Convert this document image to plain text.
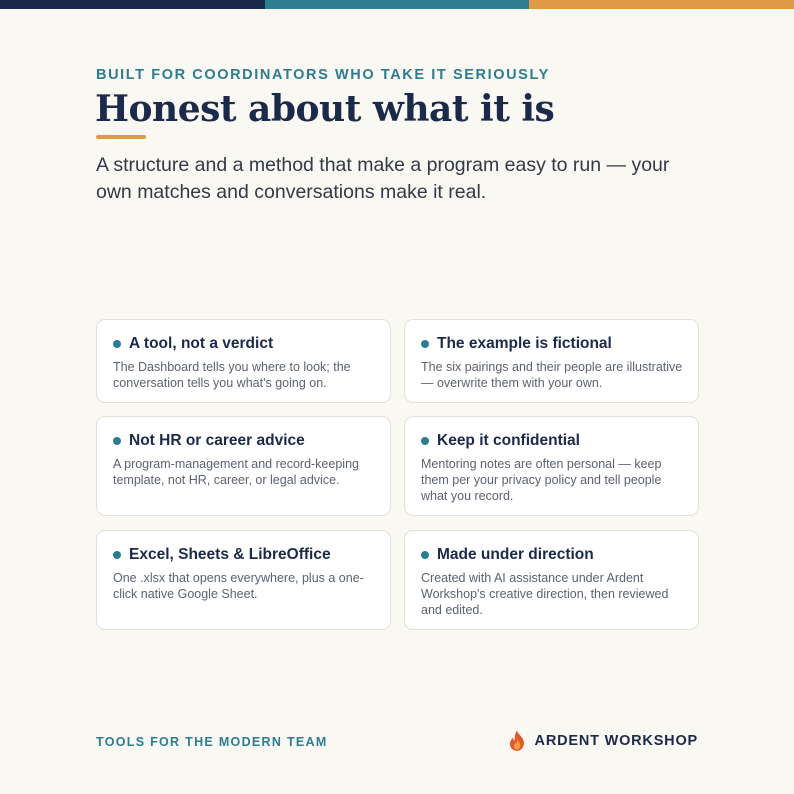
BUILT FOR COORDINATORS WHO TAKE IT SERIOUSLY
Honest about what it is

A structure and a method that make a program easy to run — your own matches and conversations make it real.

A tool, not a verdict

The Dashboard tells you where to look; the conversation tells you what's going on.

The example is fictional

The six pairings and their people are illustrative — overwrite them with your own.

Not HR or career advice

A program-management and record-keeping template, not HR, career, or legal advice.

Keep it confidential

Mentoring notes are often personal — keep them per your privacy policy and tell people what you record.

Excel, Sheets & LibreOffice

One .xlsx that opens everywhere, plus a one-click native Google Sheet.

Made under direction

Created with AI assistance under Ardent Workshop's creative direction, then reviewed and edited.

TOOLS FOR THE MODERN TEAM	ARDENT WORKSHOP
